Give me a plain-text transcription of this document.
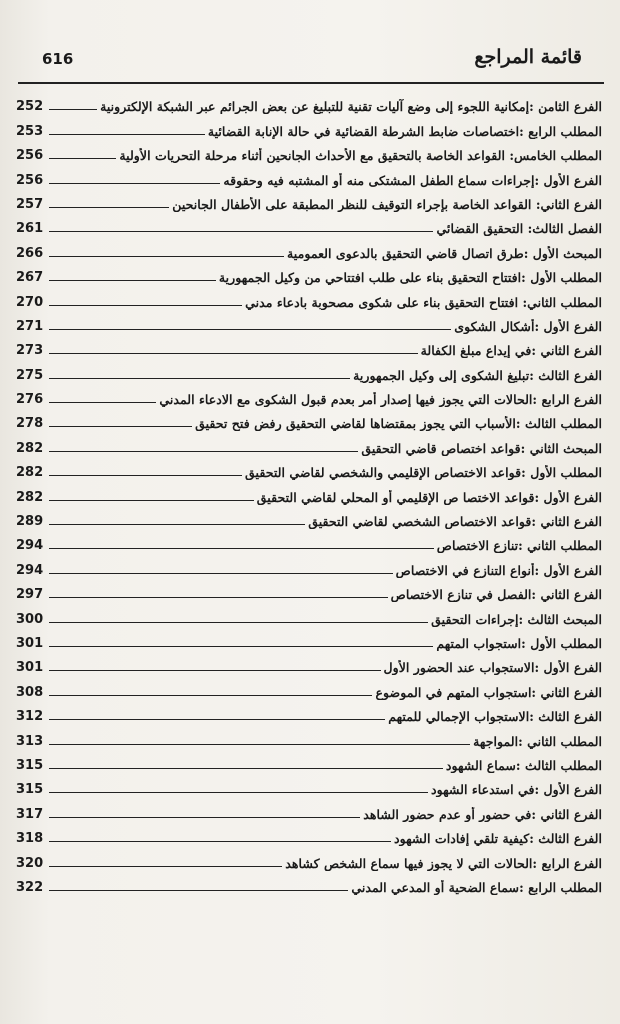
616	قائمة المراجع
الفرع الثامن :إمكانية اللجوء إلى وضع آليات تقنية للتبليغ عن بعض الجرائم عبر الشبكة الإلكترونية
252
المطلب الرابع :اختصاصات ضابط الشرطة القضائية في حالة الإنابة القضائية
253
المطلب الخامس: القواعد الخاصة بالتحقيق مع الأحداث الجانحين أثناء مرحلة التحريات الأولية
256
الفرع الأول :إجراءات سماع الطفل المشتكى منه أو المشتبه فيه وحقوقه
256
الفرع الثاني: القواعد الخاصة بإجراء التوقيف للنظر المطبقة على الأطفال الجانحين
257
الفصل الثالث: التحقيق القضائي
261
المبحث الأول :طرق اتصال قاضي التحقيق بالدعوى العمومية
266
المطلب الأول :افتتاح التحقيق بناء على طلب افتتاحي من وكيل الجمهورية
267
المطلب الثاني: افتتاح التحقيق بناء على شكوى مصحوبة بادعاء مدني
270
الفرع الأول :أشكال الشكوى
271
الفرع الثاني :في إيداع مبلغ الكفالة
273
الفرع الثالث :تبليغ الشكوى إلى وكيل الجمهورية
275
الفرع الرابع :الحالات التي يجوز فيها إصدار أمر بعدم قبول الشكوى مع الادعاء المدني
276
المطلب الثالث :الأسباب التي يجوز بمقتضاها لقاضي التحقيق رفض فتح تحقيق
278
المبحث الثاني :قواعد اختصاص قاضي التحقيق
282
المطلب الأول :قواعد الاختصاص الإقليمي والشخصي لقاضي التحقيق
282
الفرع الأول :قواعد الاختصا ص الإقليمي أو المحلي لقاضي التحقيق
282
الفرع الثاني :قواعد الاختصاص الشخصي لقاضي التحقيق
289
المطلب الثاني :تنازع الاختصاص
294
الفرع الأول :أنواع التنازع في الاختصاص
294
الفرع الثاني :الفصل في تنازع الاختصاص
297
المبحث الثالث :إجراءات التحقيق
300
المطلب الأول :استجواب المتهم
301
الفرع الأول :الاستجواب عند الحضور الأول
301
الفرع الثاني :استجواب المتهم في الموضوع
308
الفرع الثالث :الاستجواب الإجمالي للمتهم
312
المطلب الثاني :المواجهة
313
المطلب الثالث :سماع الشهود
315
الفرع الأول :في استدعاء الشهود
315
الفرع الثاني :في حضور أو عدم حضور الشاهد
317
الفرع الثالث :كيفية تلقي إفادات الشهود
318
الفرع الرابع :الحالات التي لا يجوز فيها سماع الشخص كشاهد
320
المطلب الرابع :سماع الضحية أو المدعي المدني
322
